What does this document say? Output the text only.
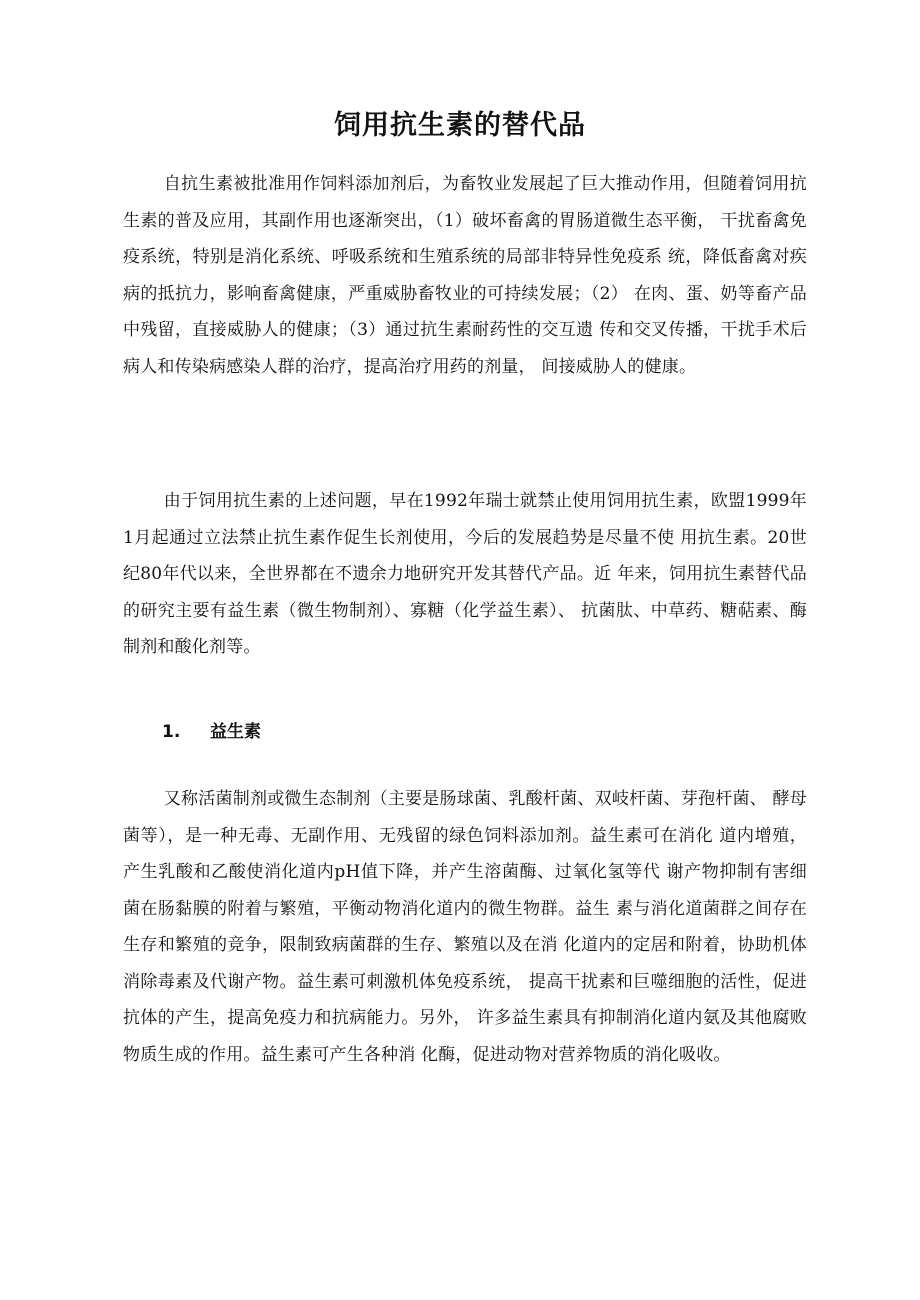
饲用抗生素的替代品

自抗生素被批准用作饲料添加剂后，为畜牧业发展起了巨大推动作用，但随着饲用抗生素的普及应用，其副作用也逐渐突出，（1）破坏畜禽的胃肠道微生态平衡， 干扰畜禽免疫系统，特别是消化系统、呼吸系统和生殖系统的局部非特异性免疫系 统，降低畜禽对疾病的抵抗力，影响畜禽健康，严重威胁畜牧业的可持续发展；（2） 在肉、蛋、奶等畜产品中残留，直接威胁人的健康；（3）通过抗生素耐药性的交互遗 传和交叉传播，干扰手术后病人和传染病感染人群的治疗，提高治疗用药的剂量， 间接威胁人的健康。

由于饲用抗生素的上述问题，早在1992年瑞士就禁止使用饲用抗生素，欧盟1999年1月起通过立法禁止抗生素作促生长剂使用，今后的发展趋势是尽量不使 用抗生素。20世纪80年代以来，全世界都在不遗余力地研究开发其替代产品。近 年来，饲用抗生素替代品的研究主要有益生素（微生物制剂）、寡糖（化学益生素）、 抗菌肽、中草药、糖萜素、酶制剂和酸化剂等。

1. 益生素

又称活菌制剂或微生态制剂（主要是肠球菌、乳酸杆菌、双岐杆菌、芽孢杆菌、 酵母菌等），是一种无毒、无副作用、无残留的绿色饲料添加剂。益生素可在消化 道内增殖，产生乳酸和乙酸使消化道内pH值下降，并产生溶菌酶、过氧化氢等代 谢产物抑制有害细菌在肠黏膜的附着与繁殖，平衡动物消化道内的微生物群。益生 素与消化道菌群之间存在生存和繁殖的竞争，限制致病菌群的生存、繁殖以及在消 化道内的定居和附着，协助机体消除毒素及代谢产物。益生素可刺激机体免疫系统， 提高干扰素和巨噬细胞的活性，促进抗体的产生，提高免疫力和抗病能力。另外， 许多益生素具有抑制消化道内氨及其他腐败物质生成的作用。益生素可产生各种消 化酶，促进动物对营养物质的消化吸收。
